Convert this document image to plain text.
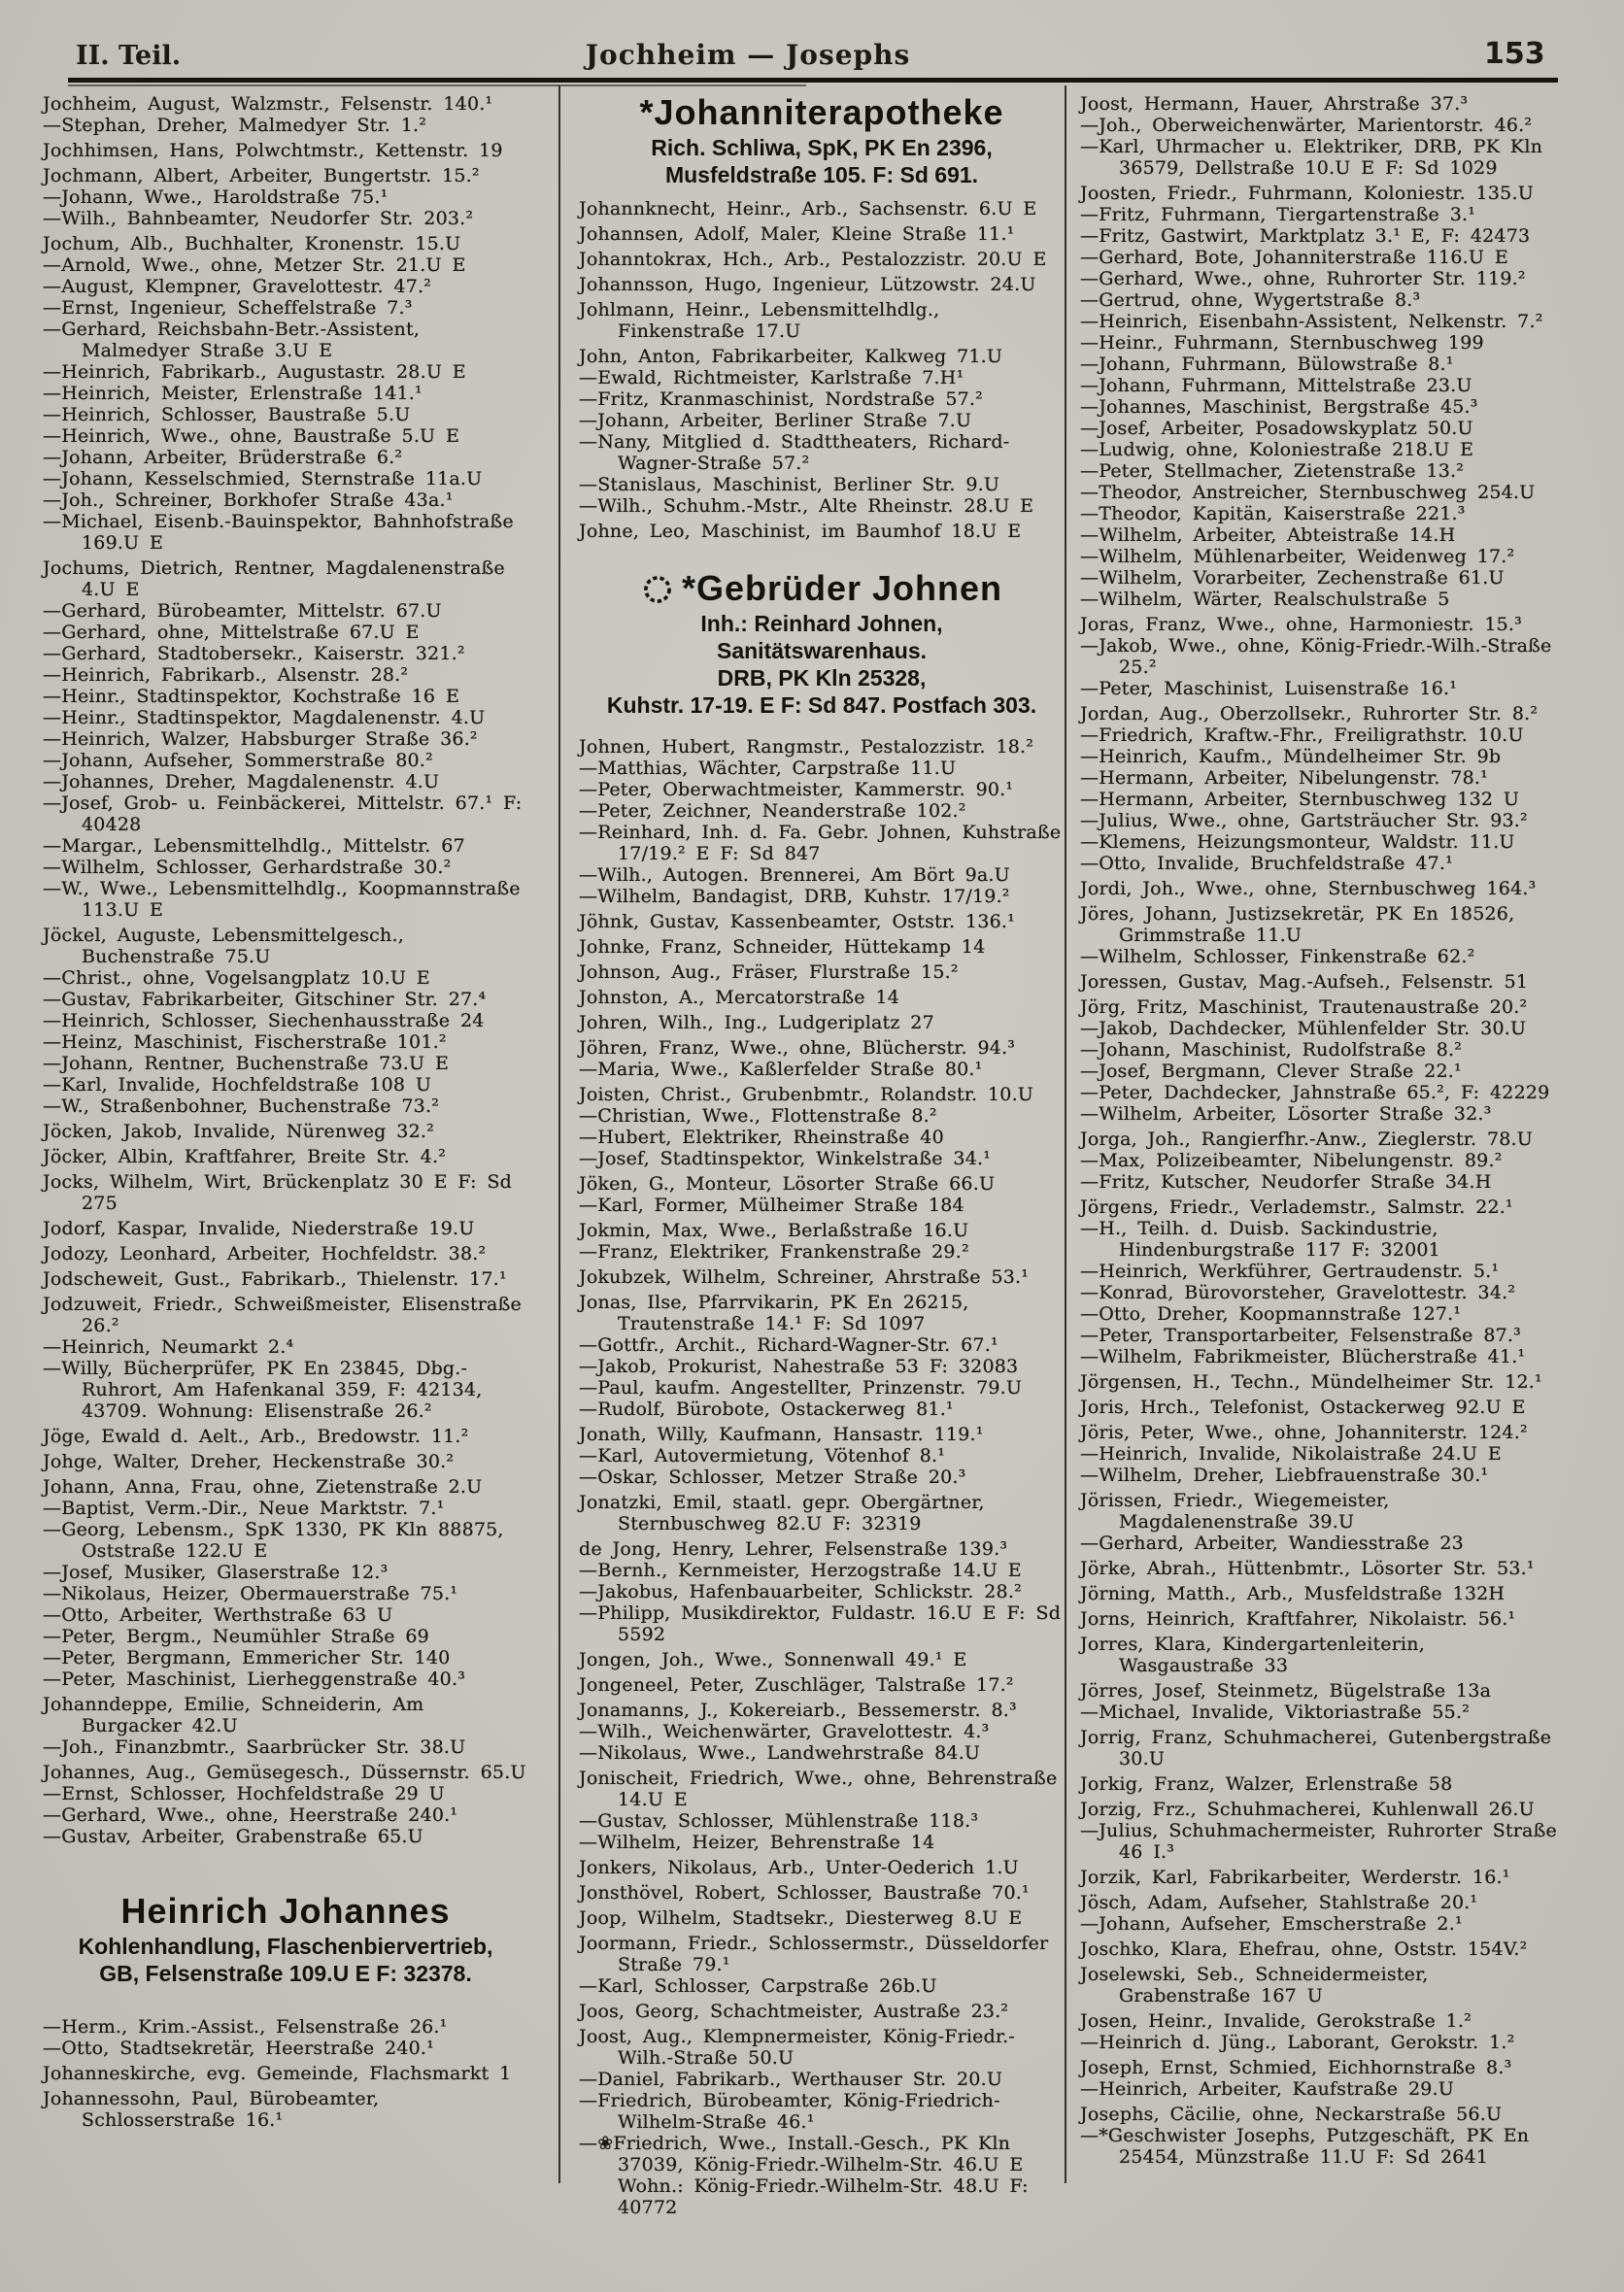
II. Teil.	Jochheim — Josephs	153
Jochheim, August, Walzmstr., Felsenstr. 140.¹
—Stephan, Dreher, Malmedyer Str. 1.²
Jochhimsen, Hans, Polwchtmstr., Kettenstr. 19
Jochmann, Albert, Arbeiter, Bungertstr. 15.²
—Johann, Wwe., Haroldstraße 75.¹
—Wilh., Bahnbeamter, Neudorfer Str. 203.²
Jochum, Alb., Buchhalter, Kronenstr. 15.U
—Arnold, Wwe., ohne, Metzer Str. 21.U E
—August, Klempner, Gravelottestr. 47.²
—Ernst, Ingenieur, Scheffelstraße 7.³
—Gerhard, Reichsbahn-Betr.-Assistent, Malmedyer Straße 3.U E
—Heinrich, Fabrikarb., Augustastr. 28.U E
—Heinrich, Meister, Erlenstraße 141.¹
—Heinrich, Schlosser, Baustraße 5.U
—Heinrich, Wwe., ohne, Baustraße 5.U E
—Johann, Arbeiter, Brüderstraße 6.²
—Johann, Kesselschmied, Sternstraße 11a.U
—Joh., Schreiner, Borkhofer Straße 43a.¹
—Michael, Eisenb.-Bauinspektor, Bahnhofstraße 169.U E
Jochums, Dietrich, Rentner, Magdalenenstraße 4.U E
—Gerhard, Bürobeamter, Mittelstr. 67.U
—Gerhard, ohne, Mittelstraße 67.U E
—Gerhard, Stadtobersekr., Kaiserstr. 321.²
—Heinrich, Fabrikarb., Alsenstr. 28.²
—Heinr., Stadtinspektor, Kochstraße 16 E
—Heinr., Stadtinspektor, Magdalenenstr. 4.U
—Heinrich, Walzer, Habsburger Straße 36.²
—Johann, Aufseher, Sommerstraße 80.²
—Johannes, Dreher, Magdalenenstr. 4.U
—Josef, Grob- u. Feinbäckerei, Mittelstr. 67.¹ F: 40428
—Margar., Lebensmittelhdlg., Mittelstr. 67
—Wilhelm, Schlosser, Gerhardstraße 30.²
—W., Wwe., Lebensmittelhdlg., Koopmannstraße 113.U E
Jöckel, Auguste, Lebensmittelgesch., Buchenstraße 75.U
—Christ., ohne, Vogelsangplatz 10.U E
—Gustav, Fabrikarbeiter, Gitschiner Str. 27.⁴
—Heinrich, Schlosser, Siechenhausstraße 24
—Heinz, Maschinist, Fischerstraße 101.²
—Johann, Rentner, Buchenstraße 73.U E
—Karl, Invalide, Hochfeldstraße 108 U
—W., Straßenbohner, Buchenstraße 73.²
Jöcken, Jakob, Invalide, Nürenweg 32.²
Jöcker, Albin, Kraftfahrer, Breite Str. 4.²
Jocks, Wilhelm, Wirt, Brückenplatz 30 E F: Sd 275
Jodorf, Kaspar, Invalide, Niederstraße 19.U
Jodozy, Leonhard, Arbeiter, Hochfeldstr. 38.²
Jodscheweit, Gust., Fabrikarb., Thielenstr. 17.¹
Jodzuweit, Friedr., Schweißmeister, Elisenstraße 26.²
—Heinrich, Neumarkt 2.⁴
—Willy, Bücherprüfer, PK En 23845, Dbg.-Ruhrort, Am Hafenkanal 359, F: 42134, 43709. Wohnung: Elisenstraße 26.²
Jöge, Ewald d. Aelt., Arb., Bredowstr. 11.²
Johge, Walter, Dreher, Heckenstraße 30.²
Johann, Anna, Frau, ohne, Zietenstraße 2.U
—Baptist, Verm.-Dir., Neue Marktstr. 7.¹
—Georg, Lebensm., SpK 1330, PK Kln 88875, Oststraße 122.U E
—Josef, Musiker, Glaserstraße 12.³
—Nikolaus, Heizer, Obermauerstraße 75.¹
—Otto, Arbeiter, Werthstraße 63 U
—Peter, Bergm., Neumühler Straße 69
—Peter, Bergmann, Emmericher Str. 140
—Peter, Maschinist, Lierheggenstraße 40.³
Johanndeppe, Emilie, Schneiderin, Am Burgacker 42.U
—Joh., Finanzbmtr., Saarbrücker Str. 38.U
Johannes, Aug., Gemüsegesch., Düssernstr. 65.U
—Ernst, Schlosser, Hochfeldstraße 29 U
—Gerhard, Wwe., ohne, Heerstraße 240.¹
—Gustav, Arbeiter, Grabenstraße 65.U
Heinrich Johannes
Kohlenhandlung, Flaschenbiervertrieb,
GB, Felsenstraße 109.U E F: 32378.
—Herm., Krim.-Assist., Felsenstraße 26.¹
—Otto, Stadtsekretär, Heerstraße 240.¹
Johanneskirche, evg. Gemeinde, Flachsmarkt 1
Johannessohn, Paul, Bürobeamter, Schlosserstraße 16.¹
*Johanniterapotheke
Rich. Schliwa, SpK, PK En 2396,
Musfeldstraße 105. F: Sd 691.
Johannknecht, Heinr., Arb., Sachsenstr. 6.U E
Johannsen, Adolf, Maler, Kleine Straße 11.¹
Johanntokrax, Hch., Arb., Pestalozzistr. 20.U E
Johannsson, Hugo, Ingenieur, Lützowstr. 24.U
Johlmann, Heinr., Lebensmittelhdlg., Finkenstraße 17.U
John, Anton, Fabrikarbeiter, Kalkweg 71.U
—Ewald, Richtmeister, Karlstraße 7.H¹
—Fritz, Kranmaschinist, Nordstraße 57.²
—Johann, Arbeiter, Berliner Straße 7.U
—Nany, Mitglied d. Stadttheaters, Richard-Wagner-Straße 57.²
—Stanislaus, Maschinist, Berliner Str. 9.U
—Wilh., Schuhm.-Mstr., Alte Rheinstr. 28.U E
Johne, Leo, Maschinist, im Baumhof 18.U E
*Gebrüder Johnen
Inh.: Reinhard Johnen,
Sanitätswarenhaus.
DRB, PK Kln 25328,
Kuhstr. 17-19. E F: Sd 847. Postfach 303.
Johnen, Hubert, Rangmstr., Pestalozzistr. 18.²
—Matthias, Wächter, Carpstraße 11.U
—Peter, Oberwachtmeister, Kammerstr. 90.¹
—Peter, Zeichner, Neanderstraße 102.²
—Reinhard, Inh. d. Fa. Gebr. Johnen, Kuhstraße 17/19.² E F: Sd 847
—Wilh., Autogen. Brennerei, Am Bört 9a.U
—Wilhelm, Bandagist, DRB, Kuhstr. 17/19.²
Jöhnk, Gustav, Kassenbeamter, Oststr. 136.¹
Johnke, Franz, Schneider, Hüttekamp 14
Johnson, Aug., Fräser, Flurstraße 15.²
Johnston, A., Mercatorstraße 14
Johren, Wilh., Ing., Ludgeriplatz 27
Jöhren, Franz, Wwe., ohne, Blücherstr. 94.³
—Maria, Wwe., Kaßlerfelder Straße 80.¹
Joisten, Christ., Grubenbmtr., Rolandstr. 10.U
—Christian, Wwe., Flottenstraße 8.²
—Hubert, Elektriker, Rheinstraße 40
—Josef, Stadtinspektor, Winkelstraße 34.¹
Jöken, G., Monteur, Lösorter Straße 66.U
—Karl, Former, Mülheimer Straße 184
Jokmin, Max, Wwe., Berlaßstraße 16.U
—Franz, Elektriker, Frankenstraße 29.²
Jokubzek, Wilhelm, Schreiner, Ahrstraße 53.¹
Jonas, Ilse, Pfarrvikarin, PK En 26215, Trautenstraße 14.¹ F: Sd 1097
—Gottfr., Archit., Richard-Wagner-Str. 67.¹
—Jakob, Prokurist, Nahestraße 53 F: 32083
—Paul, kaufm. Angestellter, Prinzenstr. 79.U
—Rudolf, Bürobote, Ostackerweg 81.¹
Jonath, Willy, Kaufmann, Hansastr. 119.¹
—Karl, Autovermietung, Vötenhof 8.¹
—Oskar, Schlosser, Metzer Straße 20.³
Jonatzki, Emil, staatl. gepr. Obergärtner, Sternbuschweg 82.U F: 32319
de Jong, Henry, Lehrer, Felsenstraße 139.³
—Bernh., Kernmeister, Herzogstraße 14.U E
—Jakobus, Hafenbauarbeiter, Schlickstr. 28.²
—Philipp, Musikdirektor, Fuldastr. 16.U E F: Sd 5592
Jongen, Joh., Wwe., Sonnenwall 49.¹ E
Jongeneel, Peter, Zuschläger, Talstraße 17.²
Jonamanns, J., Kokereiarb., Bessemerstr. 8.³
—Wilh., Weichenwärter, Gravelottestr. 4.³
—Nikolaus, Wwe., Landwehrstraße 84.U
Jonischeit, Friedrich, Wwe., ohne, Behrenstraße 14.U E
—Gustav, Schlosser, Mühlenstraße 118.³
—Wilhelm, Heizer, Behrenstraße 14
Jonkers, Nikolaus, Arb., Unter-Oederich 1.U
Jonsthövel, Robert, Schlosser, Baustraße 70.¹
Joop, Wilhelm, Stadtsekr., Diesterweg 8.U E
Joormann, Friedr., Schlossermstr., Düsseldorfer Straße 79.¹
—Karl, Schlosser, Carpstraße 26b.U
Joos, Georg, Schachtmeister, Austraße 23.²
Joost, Aug., Klempnermeister, König-Friedr.-Wilh.-Straße 50.U
—Daniel, Fabrikarb., Werthauser Str. 20.U
—Friedrich, Bürobeamter, König-Friedrich-Wilhelm-Straße 46.¹
—❀Friedrich, Wwe., Install.-Gesch., PK Kln 37039, König-Friedr.-Wilhelm-Str. 46.U E Wohn.: König-Friedr.-Wilhelm-Str. 48.U F: 40772
Joost, Hermann, Hauer, Ahrstraße 37.³
—Joh., Oberweichenwärter, Marientorstr. 46.²
—Karl, Uhrmacher u. Elektriker, DRB, PK Kln 36579, Dellstraße 10.U E F: Sd 1029
Joosten, Friedr., Fuhrmann, Koloniestr. 135.U
—Fritz, Fuhrmann, Tiergartenstraße 3.¹
—Fritz, Gastwirt, Marktplatz 3.¹ E, F: 42473
—Gerhard, Bote, Johanniterstraße 116.U E
—Gerhard, Wwe., ohne, Ruhrorter Str. 119.²
—Gertrud, ohne, Wygertstraße 8.³
—Heinrich, Eisenbahn-Assistent, Nelkenstr. 7.²
—Heinr., Fuhrmann, Sternbuschweg 199
—Johann, Fuhrmann, Bülowstraße 8.¹
—Johann, Fuhrmann, Mittelstraße 23.U
—Johannes, Maschinist, Bergstraße 45.³
—Josef, Arbeiter, Posadowskyplatz 50.U
—Ludwig, ohne, Koloniestraße 218.U E
—Peter, Stellmacher, Zietenstraße 13.²
—Theodor, Anstreicher, Sternbuschweg 254.U
—Theodor, Kapitän, Kaiserstraße 221.³
—Wilhelm, Arbeiter, Abteistraße 14.H
—Wilhelm, Mühlenarbeiter, Weidenweg 17.²
—Wilhelm, Vorarbeiter, Zechenstraße 61.U
—Wilhelm, Wärter, Realschulstraße 5
Joras, Franz, Wwe., ohne, Harmoniestr. 15.³
—Jakob, Wwe., ohne, König-Friedr.-Wilh.-Straße 25.²
—Peter, Maschinist, Luisenstraße 16.¹
Jordan, Aug., Oberzollsekr., Ruhrorter Str. 8.²
—Friedrich, Kraftw.-Fhr., Freiligrathstr. 10.U
—Heinrich, Kaufm., Mündelheimer Str. 9b
—Hermann, Arbeiter, Nibelungenstr. 78.¹
—Hermann, Arbeiter, Sternbuschweg 132 U
—Julius, Wwe., ohne, Gartsträucher Str. 93.²
—Klemens, Heizungsmonteur, Waldstr. 11.U
—Otto, Invalide, Bruchfeldstraße 47.¹
Jordi, Joh., Wwe., ohne, Sternbuschweg 164.³
Jöres, Johann, Justizsekretär, PK En 18526, Grimmstraße 11.U
—Wilhelm, Schlosser, Finkenstraße 62.²
Joressen, Gustav, Mag.-Aufseh., Felsenstr. 51
Jörg, Fritz, Maschinist, Trautenaustraße 20.²
—Jakob, Dachdecker, Mühlenfelder Str. 30.U
—Johann, Maschinist, Rudolfstraße 8.²
—Josef, Bergmann, Clever Straße 22.¹
—Peter, Dachdecker, Jahnstraße 65.², F: 42229
—Wilhelm, Arbeiter, Lösorter Straße 32.³
Jorga, Joh., Rangierfhr.-Anw., Zieglerstr. 78.U
—Max, Polizeibeamter, Nibelungenstr. 89.²
—Fritz, Kutscher, Neudorfer Straße 34.H
Jörgens, Friedr., Verlademstr., Salmstr. 22.¹
—H., Teilh. d. Duisb. Sackindustrie, Hindenburgstraße 117 F: 32001
—Heinrich, Werkführer, Gertraudenstr. 5.¹
—Konrad, Bürovorsteher, Gravelottestr. 34.²
—Otto, Dreher, Koopmannstraße 127.¹
—Peter, Transportarbeiter, Felsenstraße 87.³
—Wilhelm, Fabrikmeister, Blücherstraße 41.¹
Jörgensen, H., Techn., Mündelheimer Str. 12.¹
Joris, Hrch., Telefonist, Ostackerweg 92.U E
Jöris, Peter, Wwe., ohne, Johanniterstr. 124.²
—Heinrich, Invalide, Nikolaistraße 24.U E
—Wilhelm, Dreher, Liebfrauenstraße 30.¹
Jörissen, Friedr., Wiegemeister, Magdalenenstraße 39.U
—Gerhard, Arbeiter, Wandiesstraße 23
Jörke, Abrah., Hüttenbmtr., Lösorter Str. 53.¹
Jörning, Matth., Arb., Musfeldstraße 132H
Jorns, Heinrich, Kraftfahrer, Nikolaistr. 56.¹
Jorres, Klara, Kindergartenleiterin, Wasgaustraße 33
Jörres, Josef, Steinmetz, Bügelstraße 13a
—Michael, Invalide, Viktoriastraße 55.²
Jorrig, Franz, Schuhmacherei, Gutenbergstraße 30.U
Jorkig, Franz, Walzer, Erlenstraße 58
Jorzig, Frz., Schuhmacherei, Kuhlenwall 26.U
—Julius, Schuhmachermeister, Ruhrorter Straße 46 I.³
Jorzik, Karl, Fabrikarbeiter, Werderstr. 16.¹
Jösch, Adam, Aufseher, Stahlstraße 20.¹
—Johann, Aufseher, Emscherstraße 2.¹
Joschko, Klara, Ehefrau, ohne, Oststr. 154V.²
Joselewski, Seb., Schneidermeister, Grabenstraße 167 U
Josen, Heinr., Invalide, Gerokstraße 1.²
—Heinrich d. Jüng., Laborant, Gerokstr. 1.²
Joseph, Ernst, Schmied, Eichhornstraße 8.³
—Heinrich, Arbeiter, Kaufstraße 29.U
Josephs, Cäcilie, ohne, Neckarstraße 56.U
—*Geschwister Josephs, Putzgeschäft, PK En 25454, Münzstraße 11.U F: Sd 2641
